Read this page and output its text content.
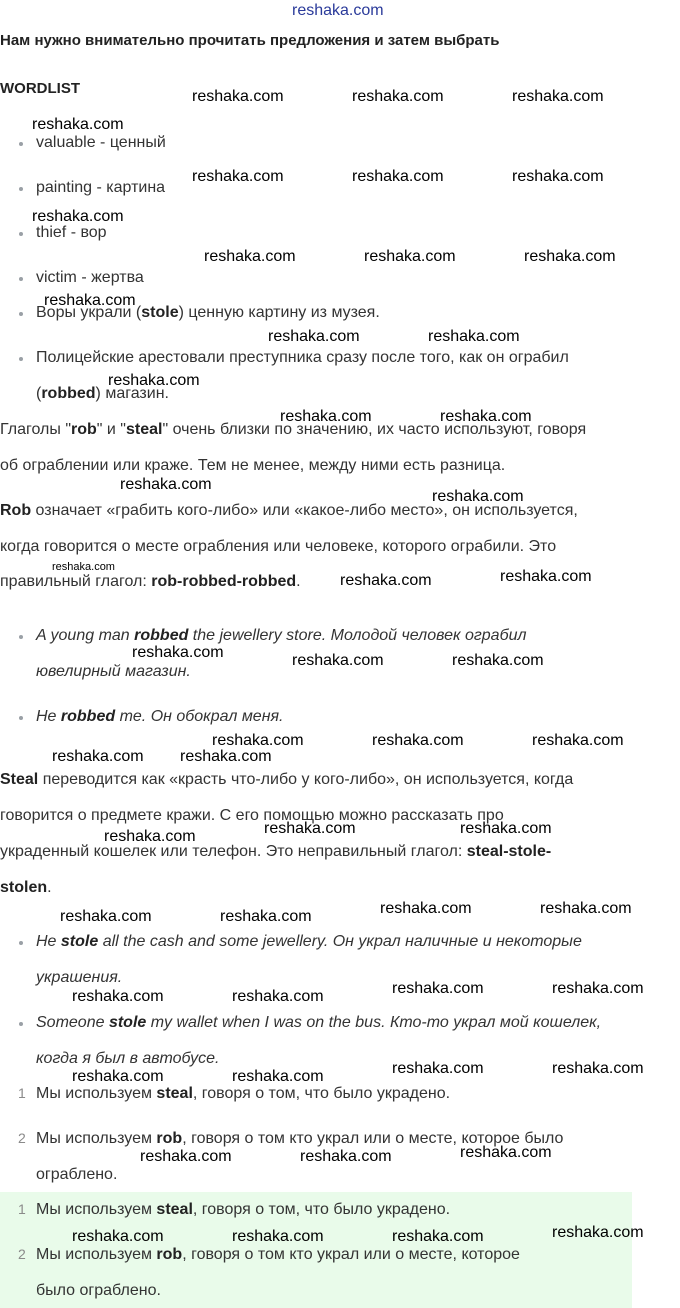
reshaka.com
Нам нужно внимательно прочитать предложения и затем выбрать
WORDLIST
valuable - ценный
painting - картина
thief - вор
victim - жертва
Воры украли (stole) ценную картину из музея.
Полицейские арестовали преступника сразу после того, как он ограбил
(robbed) магазин.
Глаголы "rob" и "steal" очень близки по значению, их часто используют, говоря
об ограблении или краже. Тем не менее, между ними есть разница.
Rob означает «грабить кого-либо» или «какое-либо место», он используется,
когда говорится о месте ограбления или человеке, которого ограбили. Это
правильный глагол: rob-robbed-robbed.
A young man robbed the jewellery store. Молодой человек ограбил
ювелирный магазин.
He robbed me. Он обокрал меня.
Steal переводится как «красть что-либо у кого-либо», он используется, когда
говорится о предмете кражи. С его помощью можно рассказать про
украденный кошелек или телефон. Это неправильный глагол: steal-stole-
stolen.
He stole all the cash and some jewellery. Он украл наличные и некоторые
украшения.
Someone stole my wallet when I was on the bus. Кто-то украл мой кошелек,
когда я был в автобусе.
1 Мы используем steal, говоря о том, что было украдено.
2 Мы используем rob, говоря о том кто украл или о месте, которое было
ограблено.
1 Мы используем steal, говоря о том, что было украдено.
2 Мы используем rob, говоря о том кто украл или о месте, которое
было ограблено.
reshaka.com	reshaka.com	reshaka.com
reshaka.com
reshaka.com	reshaka.com	reshaka.com
reshaka.com
reshaka.com	reshaka.com	reshaka.com
reshaka.com
reshaka.com	reshaka.com
reshaka.com
reshaka.com	reshaka.com
reshaka.com
reshaka.com
reshaka.com	reshaka.com
reshaka.com	reshaka.com	reshaka.com
reshaka.com	reshaka.com	reshaka.com
reshaka.com reshaka.com
reshaka.com	reshaka.com
reshaka.com
reshaka.com	reshaka.com	reshaka.com	reshaka.com
reshaka.com	reshaka.com	reshaka.com	reshaka.com
reshaka.com	reshaka.com	reshaka.com	reshaka.com
reshaka.com	reshaka.com	reshaka.com
reshaka.com	reshaka.com	reshaka.com	reshaka.com
reshaka.com
